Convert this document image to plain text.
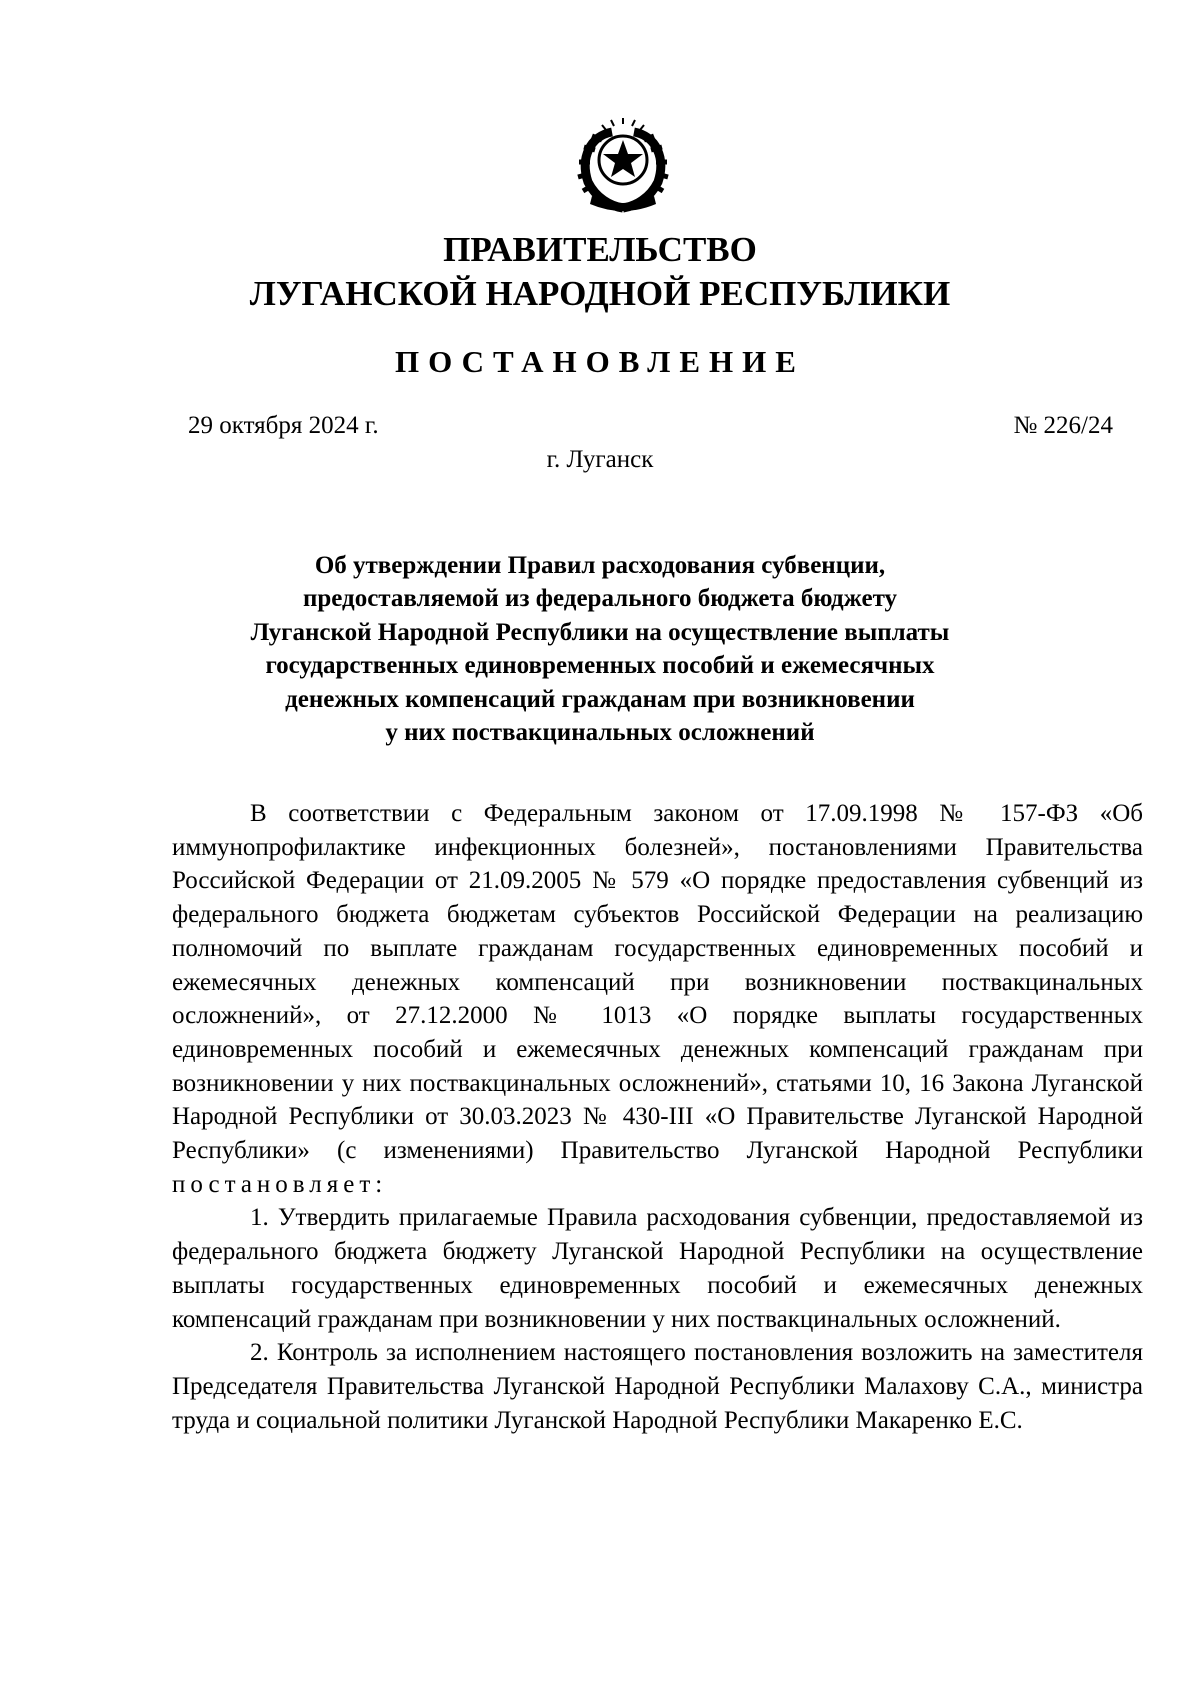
ПРАВИТЕЛЬСТВО
ЛУГАНСКОЙ НАРОДНОЙ РЕСПУБЛИКИ
ПОСТАНОВЛЕНИЕ
29 октября 2024 г.	№ 226/24
г. Луганск
Об утверждении Правил расходования субвенции,
предоставляемой из федерального бюджета бюджету
Луганской Народной Республики на осуществление выплаты
государственных единовременных пособий и ежемесячных
денежных компенсаций гражданам при возникновении
у них поствакцинальных осложнений

В соответствии с Федеральным законом от 17.09.1998 № 157-ФЗ «Об иммунопрофилактике инфекционных болезней», постановлениями Правительства Российской Федерации от 21.09.2005 № 579 «О порядке предоставления субвенций из федерального бюджета бюджетам субъектов Российской Федерации на реализацию полномочий по выплате гражданам государственных единовременных пособий и ежемесячных денежных компенсаций при возникновении поствакцинальных осложнений», от 27.12.2000 № 1013 «О порядке выплаты государственных единовременных пособий и ежемесячных денежных компенсаций гражданам при возникновении у них поствакцинальных осложнений», статьями 10, 16 Закона Луганской Народной Республики от 30.03.2023 № 430-III «О Правительстве Луганской Народной Республики» (с изменениями) Правительство Луганской Народной Республики постановляет:

1. Утвердить прилагаемые Правила расходования субвенции, предоставляемой из федерального бюджета бюджету Луганской Народной Республики на осуществление выплаты государственных единовременных пособий и ежемесячных денежных компенсаций гражданам при возникновении у них поствакцинальных осложнений.

2. Контроль за исполнением настоящего постановления возложить на заместителя Председателя Правительства Луганской Народной Республики Малахову С.А., министра труда и социальной политики Луганской Народной Республики Макаренко Е.С.
